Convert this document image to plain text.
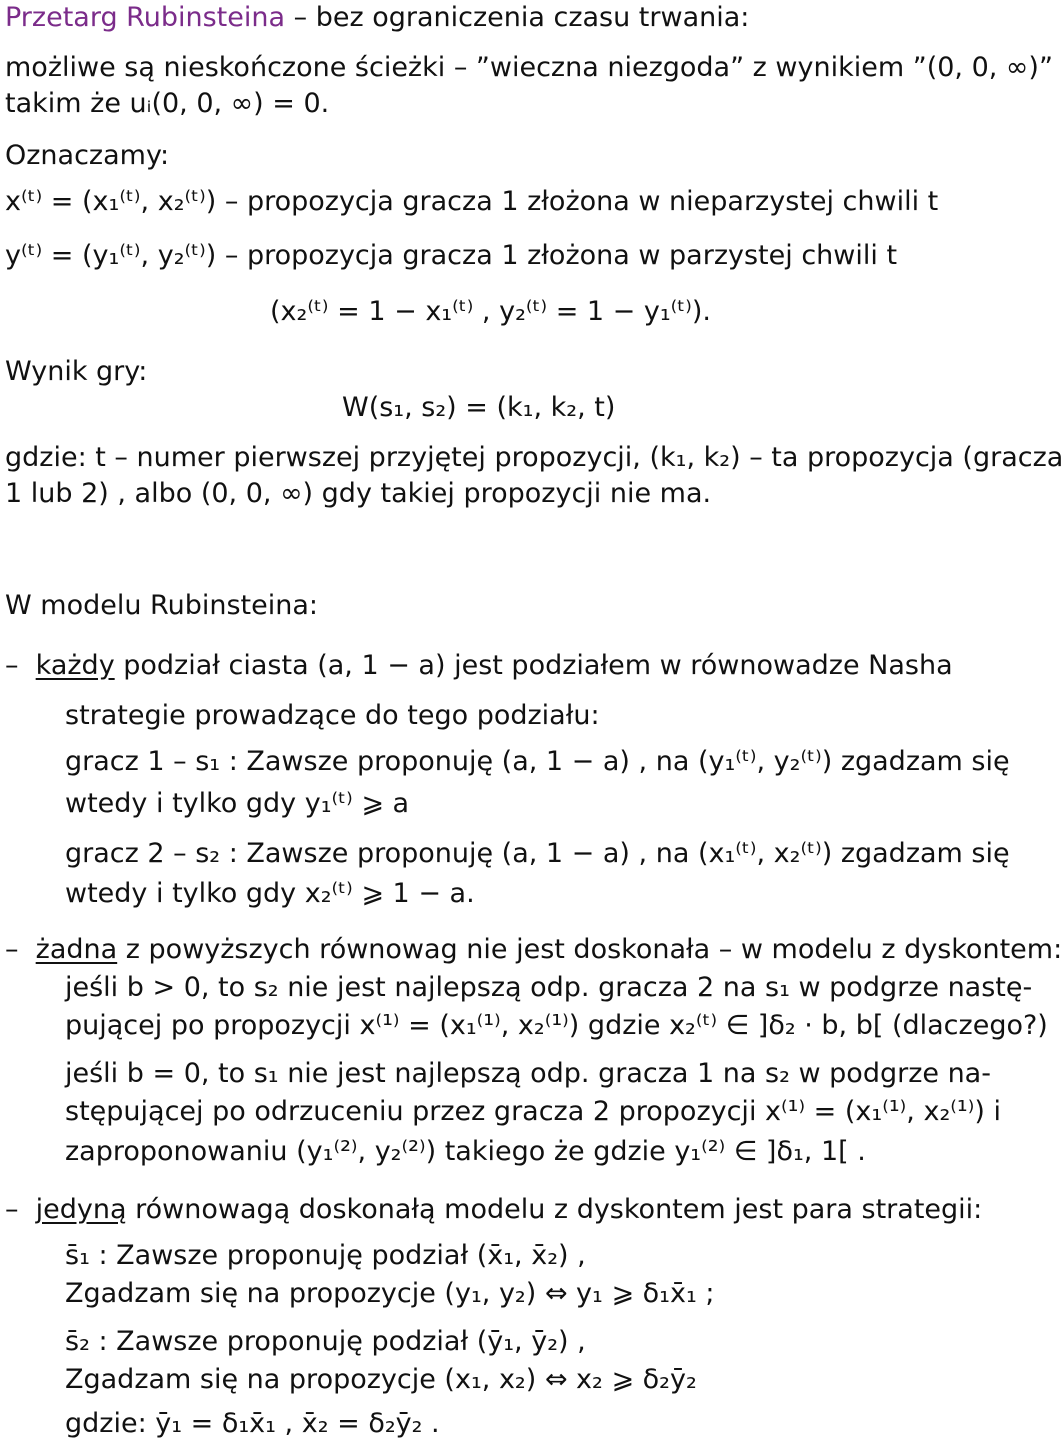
Przetarg Rubinsteina – bez ograniczenia czasu trwania:
możliwe są nieskończone ścieżki – ”wieczna niezgoda” z wynikiem ”(0, 0, ∞)”
takim że uᵢ(0, 0, ∞) = 0.
Oznaczamy:
x⁽ᵗ⁾ = (x₁⁽ᵗ⁾, x₂⁽ᵗ⁾) – propozycja gracza 1 złożona w nieparzystej chwili t
y⁽ᵗ⁾ = (y₁⁽ᵗ⁾, y₂⁽ᵗ⁾) – propozycja gracza 1 złożona w parzystej chwili t
(x₂⁽ᵗ⁾ = 1 − x₁⁽ᵗ⁾ , y₂⁽ᵗ⁾ = 1 − y₁⁽ᵗ⁾).
Wynik gry:
W(s₁, s₂) = (k₁, k₂, t)
gdzie: t – numer pierwszej przyjętej propozycji, (k₁, k₂) – ta propozycja (gracza
1 lub 2) , albo (0, 0, ∞) gdy takiej propozycji nie ma.
W modelu Rubinsteina:
– każdy podział ciasta (a, 1 − a) jest podziałem w równowadze Nasha
strategie prowadzące do tego podziału:
gracz 1 – s₁ : Zawsze proponuję (a, 1 − a) , na (y₁⁽ᵗ⁾, y₂⁽ᵗ⁾) zgadzam się
wtedy i tylko gdy y₁⁽ᵗ⁾ ⩾ a
gracz 2 – s₂ : Zawsze proponuję (a, 1 − a) , na (x₁⁽ᵗ⁾, x₂⁽ᵗ⁾) zgadzam się
wtedy i tylko gdy x₂⁽ᵗ⁾ ⩾ 1 − a.
– żadna z powyższych równowag nie jest doskonała – w modelu z dyskontem:
jeśli b > 0, to s₂ nie jest najlepszą odp. gracza 2 na s₁ w podgrze nastę-
pującej po propozycji x⁽¹⁾ = (x₁⁽¹⁾, x₂⁽¹⁾) gdzie x₂⁽ᵗ⁾ ∈ ]δ₂ · b, b[ (dlaczego?)
jeśli b = 0, to s₁ nie jest najlepszą odp. gracza 1 na s₂ w podgrze na-
stępującej po odrzuceniu przez gracza 2 propozycji x⁽¹⁾ = (x₁⁽¹⁾, x₂⁽¹⁾) i
zaproponowaniu (y₁⁽²⁾, y₂⁽²⁾) takiego że gdzie y₁⁽²⁾ ∈ ]δ₁, 1[ .
– jedyną równowagą doskonałą modelu z dyskontem jest para strategii:
s̄₁ : Zawsze proponuję podział (x̄₁, x̄₂) ,
Zgadzam się na propozycje (y₁, y₂) ⇔ y₁ ⩾ δ₁x̄₁ ;
s̄₂ : Zawsze proponuję podział (ȳ₁, ȳ₂) ,
Zgadzam się na propozycje (x₁, x₂) ⇔ x₂ ⩾ δ₂ȳ₂
gdzie: ȳ₁ = δ₁x̄₁ , x̄₂ = δ₂ȳ₂ .
